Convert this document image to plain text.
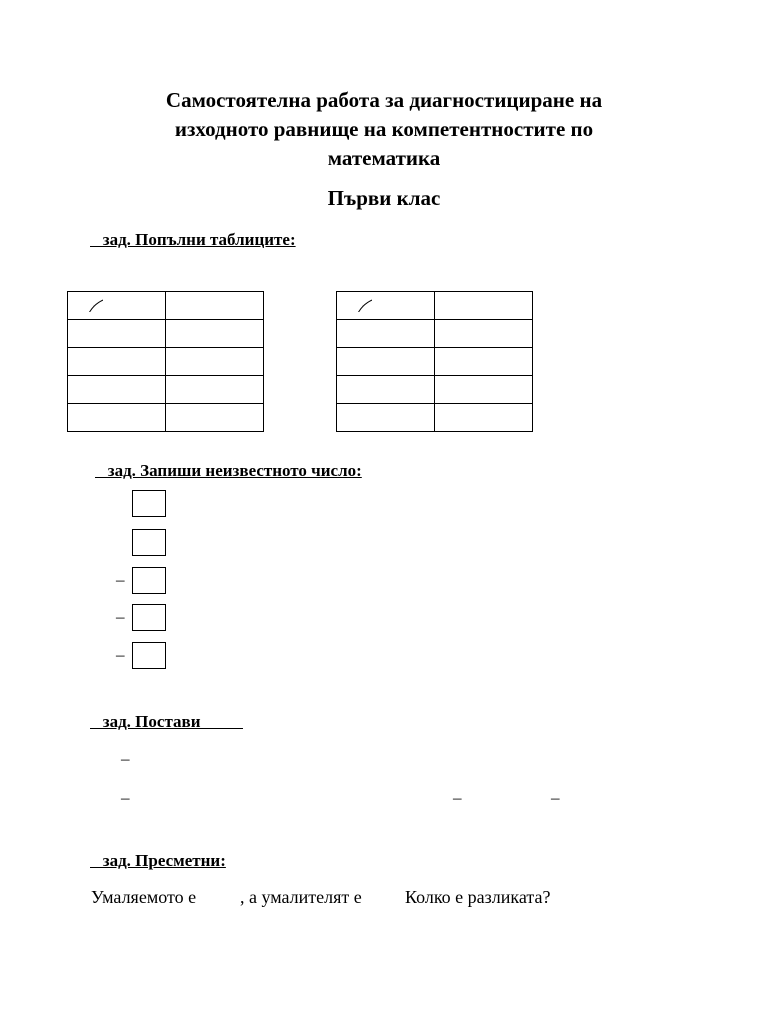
Самостоятелна работа за диагностициране на
изходното равнище на компетентностите по
математика
Първи клас
зад. Попълни таблиците:

зад. Запиши неизвестното число:
–
–
–
зад. Постави
–
–	–	–
зад. Пресметни:
Умаляемото е , а умалителят е Колко е разликата?
